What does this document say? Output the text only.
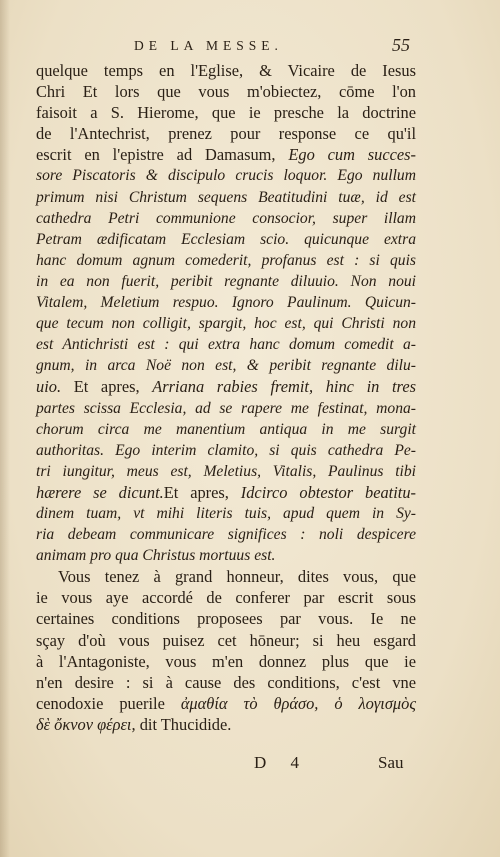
DE LA MESSE.	55
quelque temps en l'Eglise, & Vicaire de Iesus
Chri Et lors que vous m'obiectez, cōme l'on
faisoit a S. Hierome, que ie presche la doctrine
de l'Antechrist, prenez pour response ce qu'il
escrit en l'epistre ad Damasum, Ego cum succes-
sore Piscatoris & discipulo crucis loquor. Ego nullum
primum nisi Christum sequens Beatitudini tuæ, id est
cathedra Petri communione consocior, super illam
Petram ædificatam Ecclesiam scio. quicunque extra
hanc domum agnum comederit, profanus est : si quis
in ea non fuerit, peribit regnante diluuio. Non noui
Vitalem, Meletium respuo. Ignoro Paulinum. Quicun-
que tecum non colligit, spargit, hoc est, qui Christi non
est Antichristi est : qui extra hanc domum comedit a-
gnum, in arca Noë non est, & peribit regnante dilu-
uio. Et apres, Arriana rabies fremit, hinc in tres
partes scissa Ecclesia, ad se rapere me festinat, mona-
chorum circa me manentium antiqua in me surgit
authoritas. Ego interim clamito, si quis cathedra Pe-
tri iungitur, meus est, Meletius, Vitalis, Paulinus tibi
hærere se dicunt.Et apres, Idcirco obtestor beatitu-
dinem tuam, vt mihi literis tuis, apud quem in Sy-
ria debeam communicare significes : noli despicere
animam pro qua Christus mortuus est.
Vous tenez à grand honneur, dites vous, que
ie vous aye accordé de conferer par escrit sous
certaines conditions proposees par vous. Ie ne
sçay d'où vous puisez cet hōneur; si heu esgard
à l'Antagoniste, vous m'en donnez plus que ie
n'en desire : si à cause des conditions, c'est vne
cenodoxie puerile ἀμαθία τὸ θράσο, ὁ λογισμὸς
δὲ ὄκνον φέρει, dit Thucidide.
D 4	Sau
